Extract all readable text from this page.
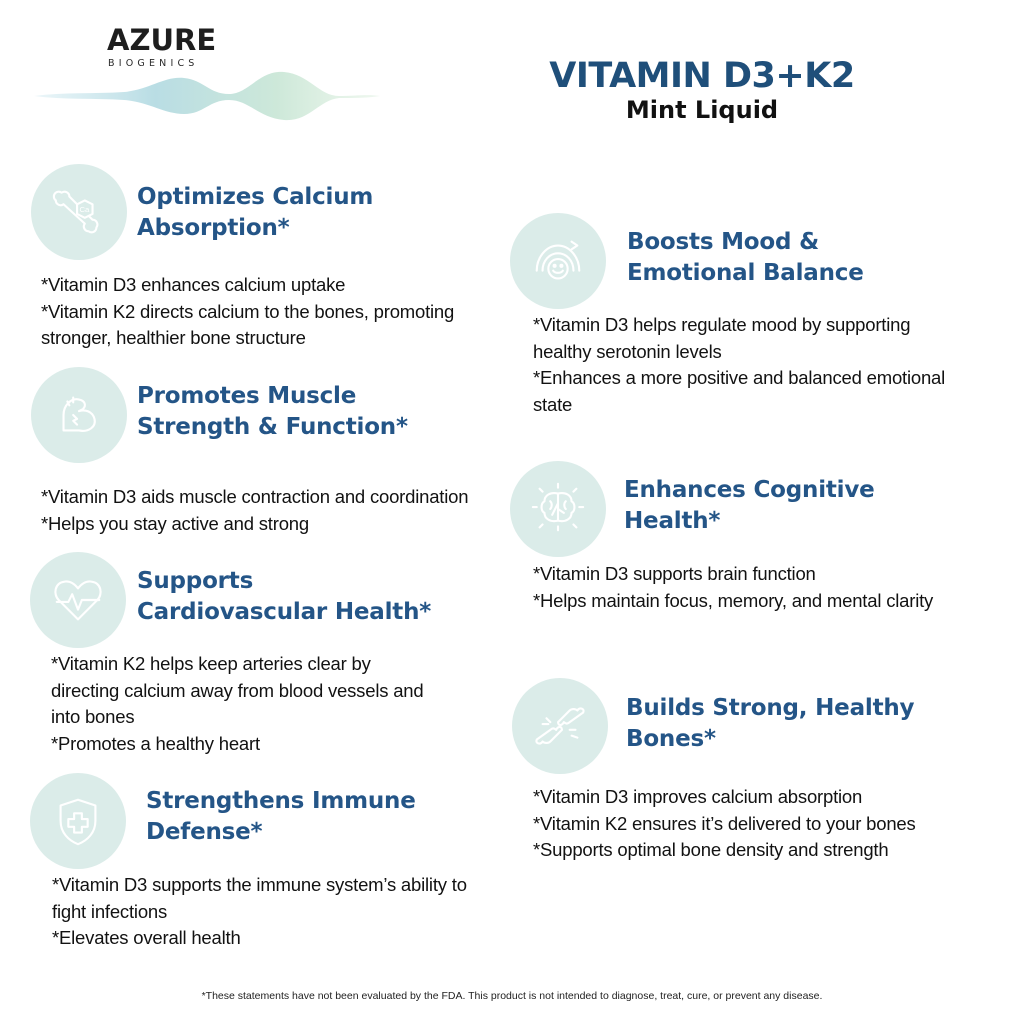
AZURE
BIOGENICS	VITAMIN D3+K2
Mint Liquid
Ca Optimizes Calcium
Absorption*
*Vitamin D3 enhances calcium uptake
*Vitamin K2 directs calcium to the bones, promoting
stronger, healthier bone structure
Promotes Muscle
Strength & Function*
*Vitamin D3 aids muscle contraction and coordination
*Helps you stay active and strong
Supports
Cardiovascular Health*
*Vitamin K2 helps keep arteries clear by
directing calcium away from blood vessels and
into bones
*Promotes a healthy heart
Strengthens Immune
Defense*
*Vitamin D3 supports the immune system’s ability to
fight infections
*Elevates overall health
Boosts Mood &
Emotional Balance
*Vitamin D3 helps regulate mood by supporting
healthy serotonin levels
*Enhances a more positive and balanced emotional
state
Enhances Cognitive
Health*
*Vitamin D3 supports brain function
*Helps maintain focus, memory, and mental clarity
Builds Strong, Healthy
Bones*
*Vitamin D3 improves calcium absorption
*Vitamin K2 ensures it’s delivered to your bones
*Supports optimal bone density and strength
*These statements have not been evaluated by the FDA. This product is not intended to diagnose, treat, cure, or prevent any disease.
